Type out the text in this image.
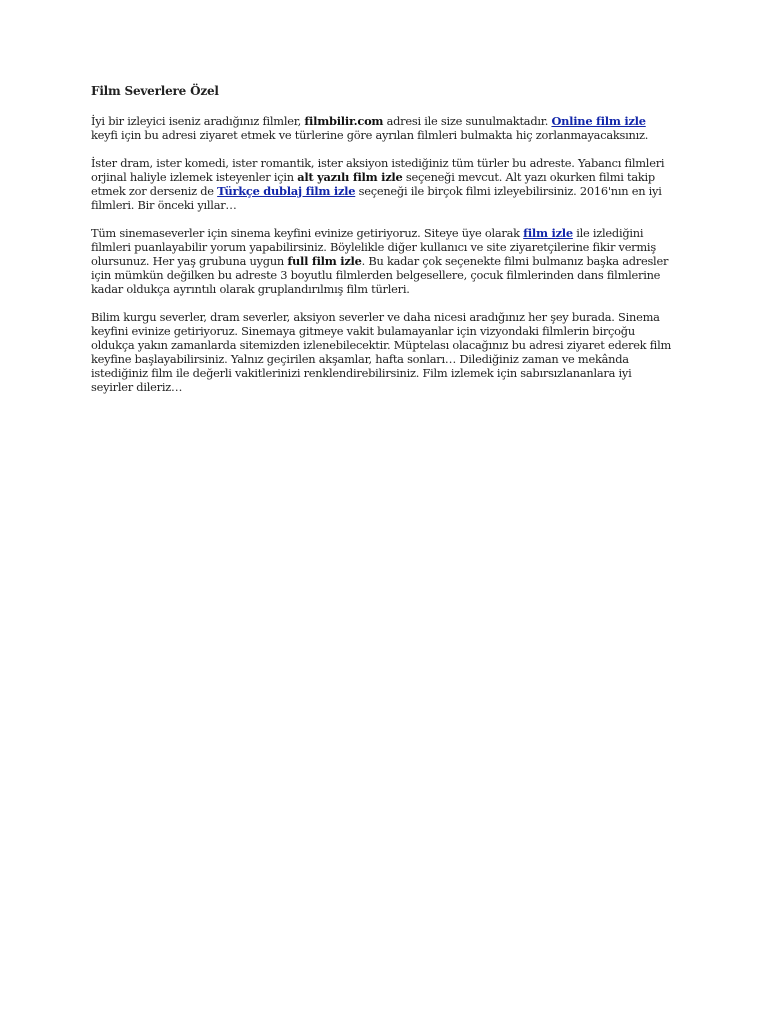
Film Severlere Özel

İyi bir izleyici iseniz aradığınız filmler, filmbilir.com adresi ile size sunulmaktadır. Online film izle keyfi için bu adresi ziyaret etmek ve türlerine göre ayrılan filmleri bulmakta hiç zorlanmayacaksınız.

İster dram, ister komedi, ister romantik, ister aksiyon istediğiniz tüm türler bu adreste. Yabancı filmleri orjinal haliyle izlemek isteyenler için alt yazılı film izle seçeneği mevcut. Alt yazı okurken filmi takip etmek zor derseniz de Türkçe dublaj film izle seçeneği ile birçok filmi izleyebilirsiniz. 2016'nın en iyi filmleri. Bir önceki yıllar…

Tüm sinemaseverler için sinema keyfini evinize getiriyoruz. Siteye üye olarak film izle ile izlediğini filmleri puanlayabilir yorum yapabilirsiniz. Böylelikle diğer kullanıcı ve site ziyaretçilerine fikir vermiş olursunuz. Her yaş grubuna uygun full film izle. Bu kadar çok seçenekte filmi bulmanız başka adresler için mümkün değilken bu adreste 3 boyutlu filmlerden belgesellere, çocuk filmlerinden dans filmlerine kadar oldukça ayrıntılı olarak gruplandırılmış film türleri.

Bilim kurgu severler, dram severler, aksiyon severler ve daha nicesi aradığınız her şey burada. Sinema keyfini evinize getiriyoruz. Sinemaya gitmeye vakit bulamayanlar için vizyondaki filmlerin birçoğu oldukça yakın zamanlarda sitemizden izlenebilecektir. Müptelası olacağınız bu adresi ziyaret ederek film keyfine başlayabilirsiniz. Yalnız geçirilen akşamlar, hafta sonları… Dilediğiniz zaman ve mekânda istediğiniz film ile değerli vakitlerinizi renklendirebilirsiniz. Film izlemek için sabırsızlananlara iyi seyirler dileriz…
